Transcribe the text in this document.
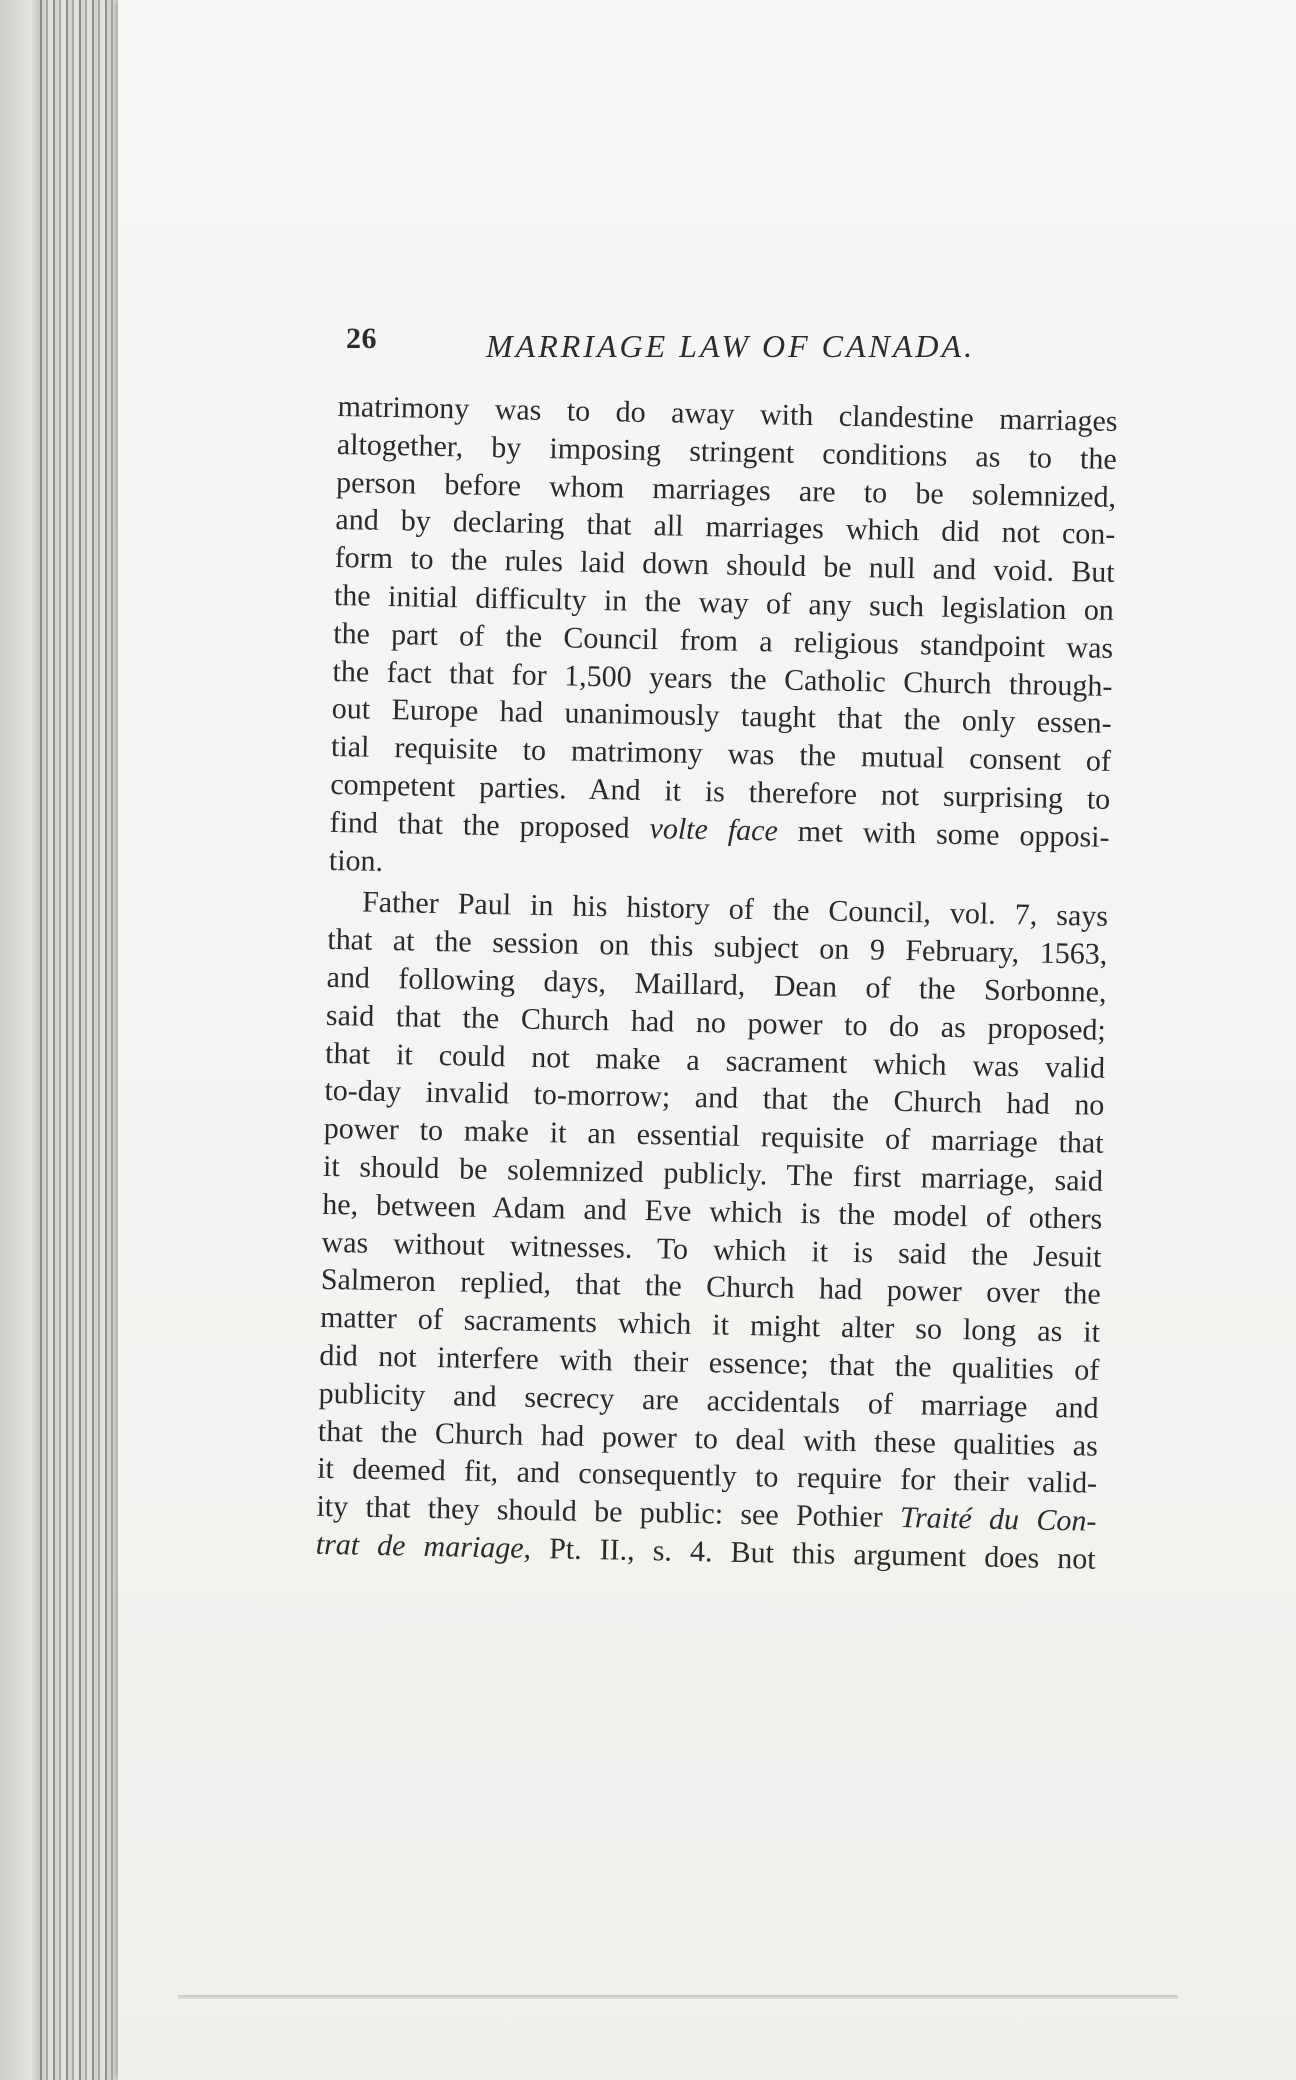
26	MARRIAGE LAW OF CANADA.

matrimony was to do away with clandestine marriages
altogether, by imposing stringent conditions as to the
person before whom marriages are to be solemnized,
and by declaring that all marriages which did not con-
form to the rules laid down should be null and void. But
the initial difficulty in the way of any such legislation on
the part of the Council from a religious standpoint was
the fact that for 1,500 years the Catholic Church through-
out Europe had unanimously taught that the only essen-
tial requisite to matrimony was the mutual consent of
competent parties. And it is therefore not surprising to
find that the proposed volte face met with some opposi-
tion.

Father Paul in his history of the Council, vol. 7, says
that at the session on this subject on 9 February, 1563,
and following days, Maillard, Dean of the Sorbonne,
said that the Church had no power to do as proposed;
that it could not make a sacrament which was valid
to-day invalid to-morrow; and that the Church had no
power to make it an essential requisite of marriage that
it should be solemnized publicly. The first marriage, said
he, between Adam and Eve which is the model of others
was without witnesses. To which it is said the Jesuit
Salmeron replied, that the Church had power over the
matter of sacraments which it might alter so long as it
did not interfere with their essence; that the qualities of
publicity and secrecy are accidentals of marriage and
that the Church had power to deal with these qualities as
it deemed fit, and consequently to require for their valid-
ity that they should be public: see Pothier Traité du Con-
trat de mariage, Pt. II., s. 4. But this argument does not
